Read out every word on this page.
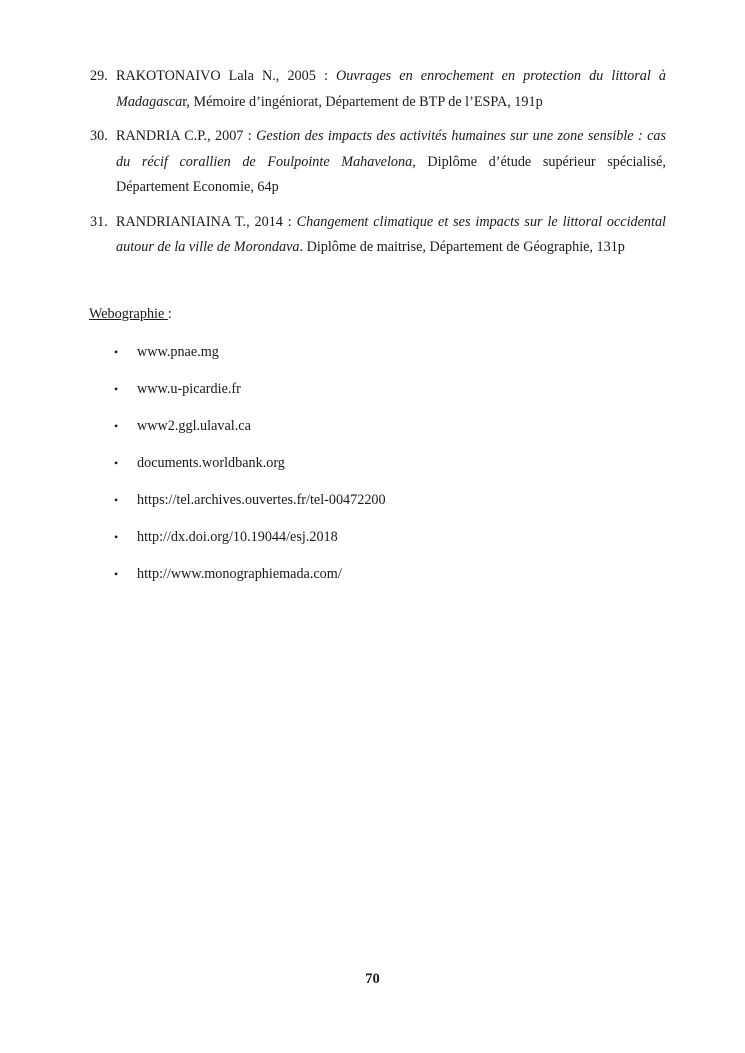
29. RAKOTONAIVO Lala N., 2005 : Ouvrages en enrochement en protection du littoral à Madagascar, Mémoire d’ingéniorat, Département de BTP de l’ESPA, 191p
30. RANDRIA C.P., 2007 : Gestion des impacts des activités humaines sur une zone sensible : cas du récif corallien de Foulpointe Mahavelona, Diplôme d’étude supérieur spécialisé, Département Economie, 64p
31. RANDRIANIAINA T., 2014 : Changement climatique et ses impacts sur le littoral occidental autour de la ville de Morondava. Diplôme de maitrise, Département de Géographie, 131p
Webographie :
• www.pnae.mg
• www.u-picardie.fr
• www2.ggl.ulaval.ca
• documents.worldbank.org
• https://tel.archives.ouvertes.fr/tel-00472200
• http://dx.doi.org/10.19044/esj.2018
• http://www.monographiemada.com/
70
